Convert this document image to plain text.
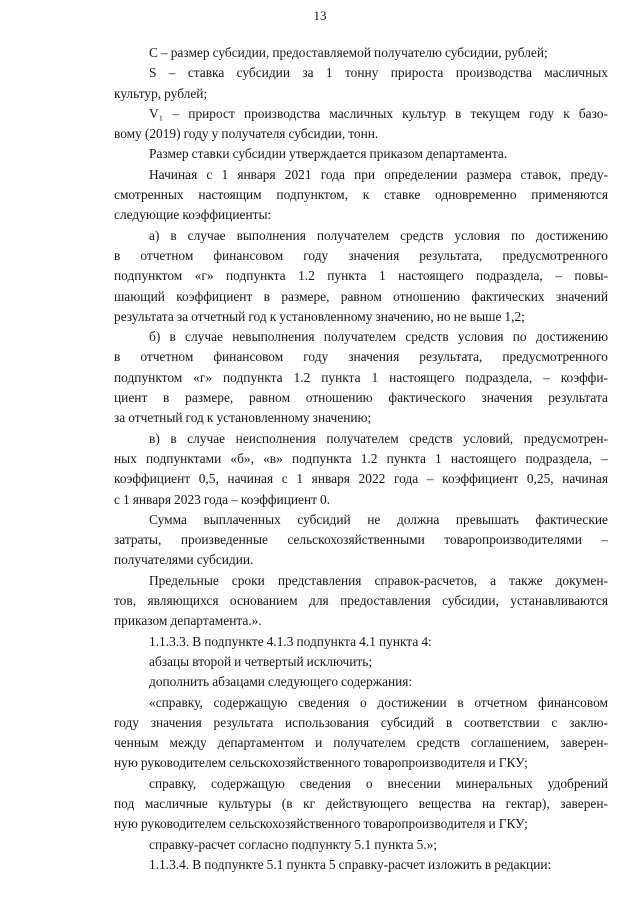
13
С – размер субсидии, предоставляемой получателю субсидии, рублей;
S – ставка субсидии за 1 тонну прироста производства масличных
культур, рублей;
V₁ – прирост производства масличных культур в текущем году к базо-
вому (2019) году у получателя субсидии, тонн.
Размер ставки субсидии утверждается приказом департамента.
Начиная с 1 января 2021 года при определении размера ставок, преду-
смотренных настоящим подпунктом, к ставке одновременно применяются
следующие коэффициенты:
а) в случае выполнения получателем средств условия по достижению
в отчетном финансовом году значения результата, предусмотренного
подпунктом «г» подпункта 1.2 пункта 1 настоящего подраздела, – повы-
шающий коэффициент в размере, равном отношению фактических значений
результата за отчетный год к установленному значению, но не выше 1,2;
б) в случае невыполнения получателем средств условия по достижению
в отчетном финансовом году значения результата, предусмотренного
подпунктом «г» подпункта 1.2 пункта 1 настоящего подраздела, – коэффи-
циент в размере, равном отношению фактического значения результата
за отчетный год к установленному значению;
в) в случае неисполнения получателем средств условий, предусмотрен-
ных подпунктами «б», «в» подпункта 1.2 пункта 1 настоящего подраздела, –
коэффициент 0,5, начиная с 1 января 2022 года – коэффициент 0,25, начиная
с 1 января 2023 года – коэффициент 0.
Сумма выплаченных субсидий не должна превышать фактические
затраты, произведенные сельскохозяйственными товаропроизводителями –
получателями субсидии.
Предельные сроки представления справок-расчетов, а также докумен-
тов, являющихся основанием для предоставления субсидии, устанавливаются
приказом департамента.».
1.1.3.3. В подпункте 4.1.3 подпункта 4.1 пункта 4:
абзацы второй и четвертый исключить;
дополнить абзацами следующего содержания:
«справку, содержащую сведения о достижении в отчетном финансовом
году значения результата использования субсидий в соответствии с заклю-
ченным между департаментом и получателем средств соглашением, заверен-
ную руководителем сельскохозяйственного товаропроизводителя и ГКУ;
справку, содержащую сведения о внесении минеральных удобрений
под масличные культуры (в кг действующего вещества на гектар), заверен-
ную руководителем сельскохозяйственного товаропроизводителя и ГКУ;
справку-расчет согласно подпункту 5.1 пункта 5.»;
1.1.3.4. В подпункте 5.1 пункта 5 справку-расчет изложить в редакции:
